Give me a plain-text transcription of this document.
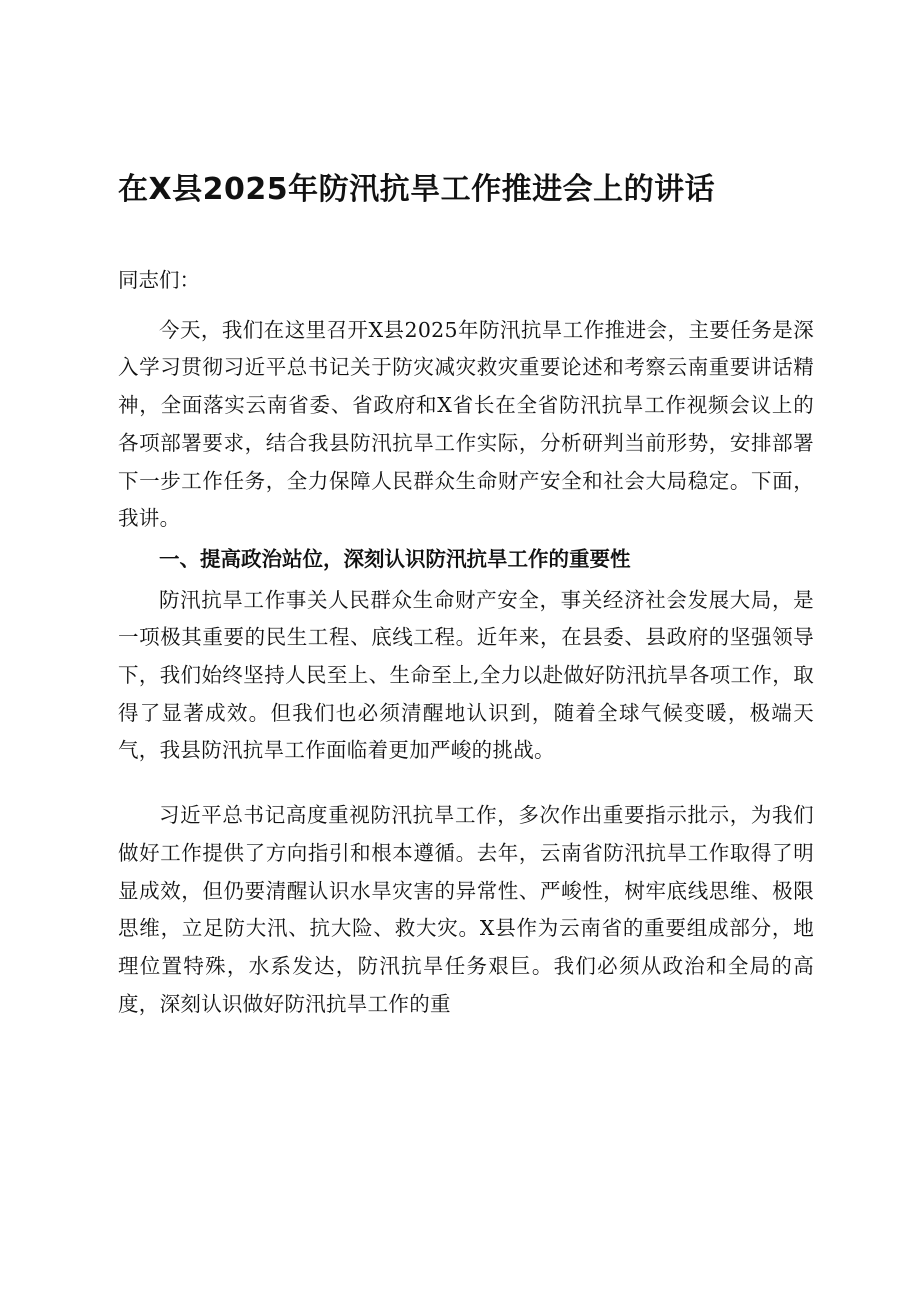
在X县2025年防汛抗旱工作推进会上的讲话

同志们：

今天，我们在这里召开X县2025年防汛抗旱工作推进会，主要任务是深入学习贯彻习近平总书记关于防灾减灾救灾重要论述和考察云南重要讲话精神，全面落实云南省委、省政府和X省长在全省防汛抗旱工作视频会议上的各项部署要求，结合我县防汛抗旱工作实际，分析研判当前形势，安排部署下一步工作任务，全力保障人民群众生命财产安全和社会大局稳定。下面，我讲。

一、提高政治站位，深刻认识防汛抗旱工作的重要性

防汛抗旱工作事关人民群众生命财产安全，事关经济社会发展大局，是一项极其重要的民生工程、底线工程。近年来，在县委、县政府的坚强领导下，我们始终坚持人民至上、生命至上,全力以赴做好防汛抗旱各项工作，取得了显著成效。但我们也必须清醒地认识到，随着全球气候变暖，极端天气，我县防汛抗旱工作面临着更加严峻的挑战。

习近平总书记高度重视防汛抗旱工作，多次作出重要指示批示，为我们做好工作提供了方向指引和根本遵循。去年，云南省防汛抗旱工作取得了明显成效，但仍要清醒认识水旱灾害的异常性、严峻性，树牢底线思维、极限思维，立足防大汛、抗大险、救大灾。X县作为云南省的重要组成部分，地理位置特殊，水系发达，防汛抗旱任务艰巨。我们必须从政治和全局的高度，深刻认识做好防汛抗旱工作的重
